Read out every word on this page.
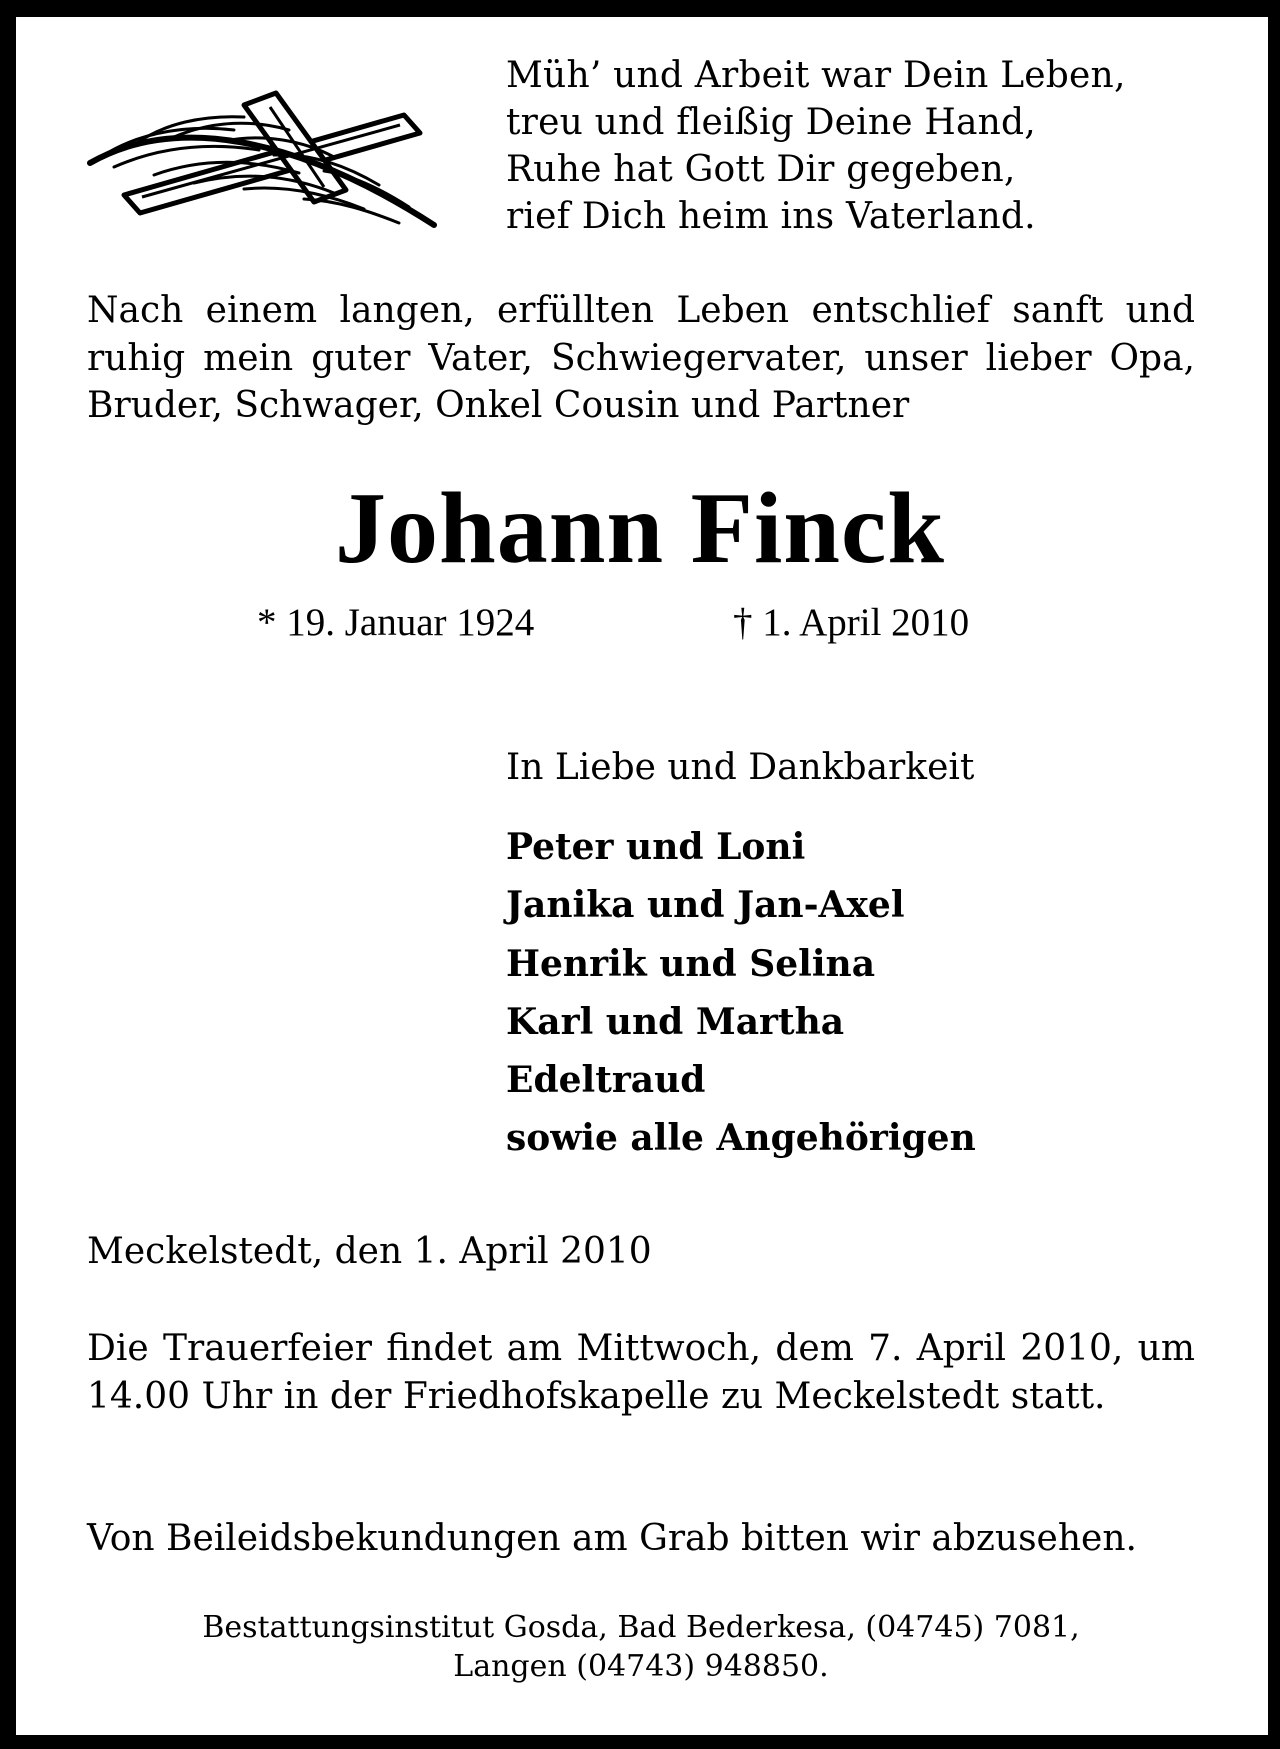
Müh’ und Arbeit war Dein Leben,
treu und fleißig Deine Hand,
Ruhe hat Gott Dir gegeben,
rief Dich heim ins Vaterland.
Nach einem langen, erfüllten Leben entschlief sanft und ruhig mein guter Vater, Schwiegervater, unser lieber Opa, Bruder, Schwager, Onkel Cousin und Partner
Johann Finck
* 19. Januar 1924	† 1. April 2010
In Liebe und Dankbarkeit
Peter und Loni
Janika und Jan-Axel
Henrik und Selina
Karl und Martha
Edeltraud
sowie alle Angehörigen
Meckelstedt, den 1. April 2010
Die Trauerfeier findet am Mittwoch, dem 7. April 2010, um 14.00 Uhr in der Friedhofskapelle zu Meckelstedt statt.
Von Beileidsbekundungen am Grab bitten wir abzusehen.
Bestattungsinstitut Gosda, Bad Bederkesa, (04745) 7081,
Langen (04743) 948850.
